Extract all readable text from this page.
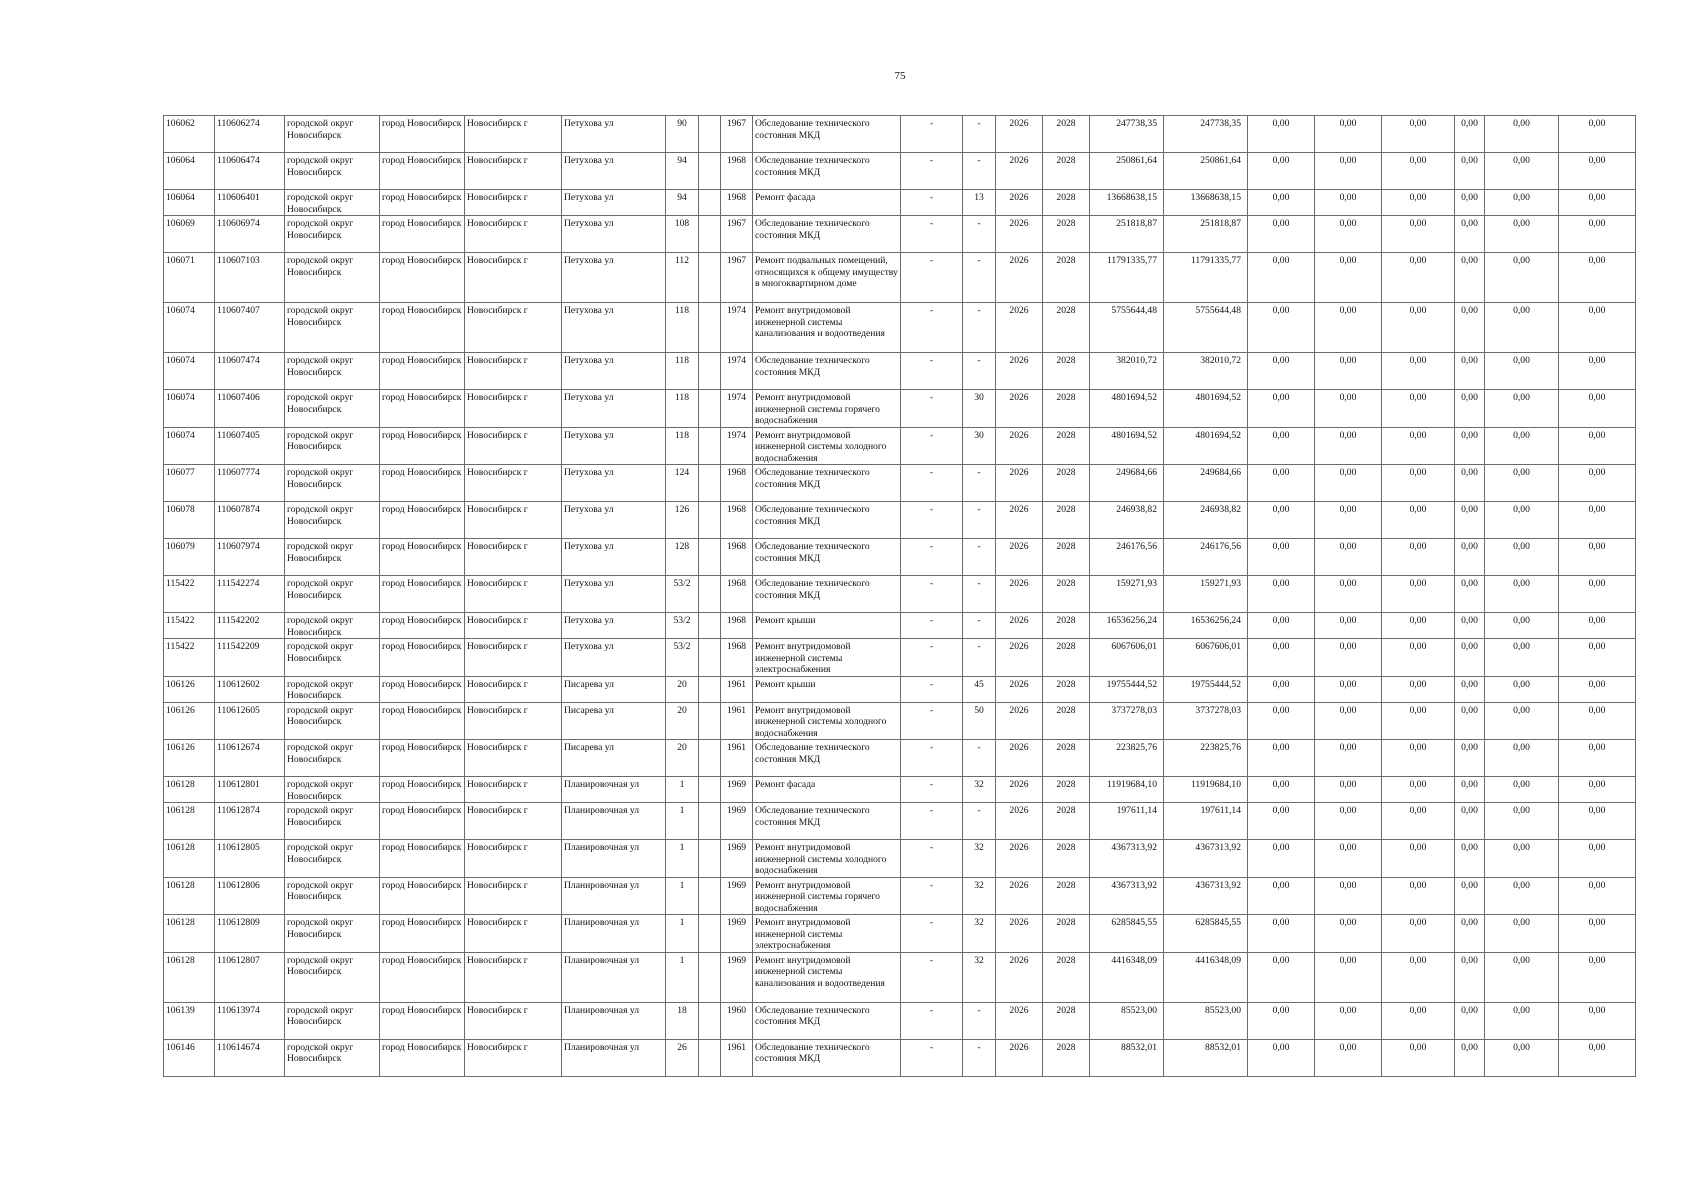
75
106062	110606274	городской округ Новосибирск	город Новосибирск	Новосибирск г	Петухова ул	90		1967	Обследование технического состояния МКД	-	-	2026	2028	247738,35	247738,35	0,00	0,00	0,00	0,00	0,00	0,00
106064	110606474	городской округ Новосибирск	город Новосибирск	Новосибирск г	Петухова ул	94		1968	Обследование технического состояния МКД	-	-	2026	2028	250861,64	250861,64	0,00	0,00	0,00	0,00	0,00	0,00
106064	110606401	городской округ Новосибирск	город Новосибирск	Новосибирск г	Петухова ул	94		1968	Ремонт фасада	-	13	2026	2028	13668638,15	13668638,15	0,00	0,00	0,00	0,00	0,00	0,00
106069	110606974	городской округ Новосибирск	город Новосибирск	Новосибирск г	Петухова ул	108		1967	Обследование технического состояния МКД	-	-	2026	2028	251818,87	251818,87	0,00	0,00	0,00	0,00	0,00	0,00
106071	110607103	городской округ Новосибирск	город Новосибирск	Новосибирск г	Петухова ул	112		1967	Ремонт подвальных помещений, относящихся к общему имуществу в многоквартирном доме	-	-	2026	2028	11791335,77	11791335,77	0,00	0,00	0,00	0,00	0,00	0,00
106074	110607407	городской округ Новосибирск	город Новосибирск	Новосибирск г	Петухова ул	118		1974	Ремонт внутридомовой инженерной системы канализования и водоотведения	-	-	2026	2028	5755644,48	5755644,48	0,00	0,00	0,00	0,00	0,00	0,00
106074	110607474	городской округ Новосибирск	город Новосибирск	Новосибирск г	Петухова ул	118		1974	Обследование технического состояния МКД	-	-	2026	2028	382010,72	382010,72	0,00	0,00	0,00	0,00	0,00	0,00
106074	110607406	городской округ Новосибирск	город Новосибирск	Новосибирск г	Петухова ул	118		1974	Ремонт внутридомовой инженерной системы горячего водоснабжения	-	30	2026	2028	4801694,52	4801694,52	0,00	0,00	0,00	0,00	0,00	0,00
106074	110607405	городской округ Новосибирск	город Новосибирск	Новосибирск г	Петухова ул	118		1974	Ремонт внутридомовой инженерной системы холодного водоснабжения	-	30	2026	2028	4801694,52	4801694,52	0,00	0,00	0,00	0,00	0,00	0,00
106077	110607774	городской округ Новосибирск	город Новосибирск	Новосибирск г	Петухова ул	124		1968	Обследование технического состояния МКД	-	-	2026	2028	249684,66	249684,66	0,00	0,00	0,00	0,00	0,00	0,00
106078	110607874	городской округ Новосибирск	город Новосибирск	Новосибирск г	Петухова ул	126		1968	Обследование технического состояния МКД	-	-	2026	2028	246938,82	246938,82	0,00	0,00	0,00	0,00	0,00	0,00
106079	110607974	городской округ Новосибирск	город Новосибирск	Новосибирск г	Петухова ул	128		1968	Обследование технического состояния МКД	-	-	2026	2028	246176,56	246176,56	0,00	0,00	0,00	0,00	0,00	0,00
115422	111542274	городской округ Новосибирск	город Новосибирск	Новосибирск г	Петухова ул	53/2		1968	Обследование технического состояния МКД	-	-	2026	2028	159271,93	159271,93	0,00	0,00	0,00	0,00	0,00	0,00
115422	111542202	городской округ Новосибирск	город Новосибирск	Новосибирск г	Петухова ул	53/2		1968	Ремонт крыши	-	-	2026	2028	16536256,24	16536256,24	0,00	0,00	0,00	0,00	0,00	0,00
115422	111542209	городской округ Новосибирск	город Новосибирск	Новосибирск г	Петухова ул	53/2		1968	Ремонт внутридомовой инженерной системы электроснабжения	-	-	2026	2028	6067606,01	6067606,01	0,00	0,00	0,00	0,00	0,00	0,00
106126	110612602	городской округ Новосибирск	город Новосибирск	Новосибирск г	Писарева ул	20		1961	Ремонт крыши	-	45	2026	2028	19755444,52	19755444,52	0,00	0,00	0,00	0,00	0,00	0,00
106126	110612605	городской округ Новосибирск	город Новосибирск	Новосибирск г	Писарева ул	20		1961	Ремонт внутридомовой инженерной системы холодного водоснабжения	-	50	2026	2028	3737278,03	3737278,03	0,00	0,00	0,00	0,00	0,00	0,00
106126	110612674	городской округ Новосибирск	город Новосибирск	Новосибирск г	Писарева ул	20		1961	Обследование технического состояния МКД	-	-	2026	2028	223825,76	223825,76	0,00	0,00	0,00	0,00	0,00	0,00
106128	110612801	городской округ Новосибирск	город Новосибирск	Новосибирск г	Планировочная ул	1		1969	Ремонт фасада	-	32	2026	2028	11919684,10	11919684,10	0,00	0,00	0,00	0,00	0,00	0,00
106128	110612874	городской округ Новосибирск	город Новосибирск	Новосибирск г	Планировочная ул	1		1969	Обследование технического состояния МКД	-	-	2026	2028	197611,14	197611,14	0,00	0,00	0,00	0,00	0,00	0,00
106128	110612805	городской округ Новосибирск	город Новосибирск	Новосибирск г	Планировочная ул	1		1969	Ремонт внутридомовой инженерной системы холодного водоснабжения	-	32	2026	2028	4367313,92	4367313,92	0,00	0,00	0,00	0,00	0,00	0,00
106128	110612806	городской округ Новосибирск	город Новосибирск	Новосибирск г	Планировочная ул	1		1969	Ремонт внутридомовой инженерной системы горячего водоснабжения	-	32	2026	2028	4367313,92	4367313,92	0,00	0,00	0,00	0,00	0,00	0,00
106128	110612809	городской округ Новосибирск	город Новосибирск	Новосибирск г	Планировочная ул	1		1969	Ремонт внутридомовой инженерной системы электроснабжения	-	32	2026	2028	6285845,55	6285845,55	0,00	0,00	0,00	0,00	0,00	0,00
106128	110612807	городской округ Новосибирск	город Новосибирск	Новосибирск г	Планировочная ул	1		1969	Ремонт внутридомовой инженерной системы канализования и водоотведения	-	32	2026	2028	4416348,09	4416348,09	0,00	0,00	0,00	0,00	0,00	0,00
106139	110613974	городской округ Новосибирск	город Новосибирск	Новосибирск г	Планировочная ул	18		1960	Обследование технического состояния МКД	-	-	2026	2028	85523,00	85523,00	0,00	0,00	0,00	0,00	0,00	0,00
106146	110614674	городской округ Новосибирск	город Новосибирск	Новосибирск г	Планировочная ул	26		1961	Обследование технического состояния МКД	-	-	2026	2028	88532,01	88532,01	0,00	0,00	0,00	0,00	0,00	0,00
